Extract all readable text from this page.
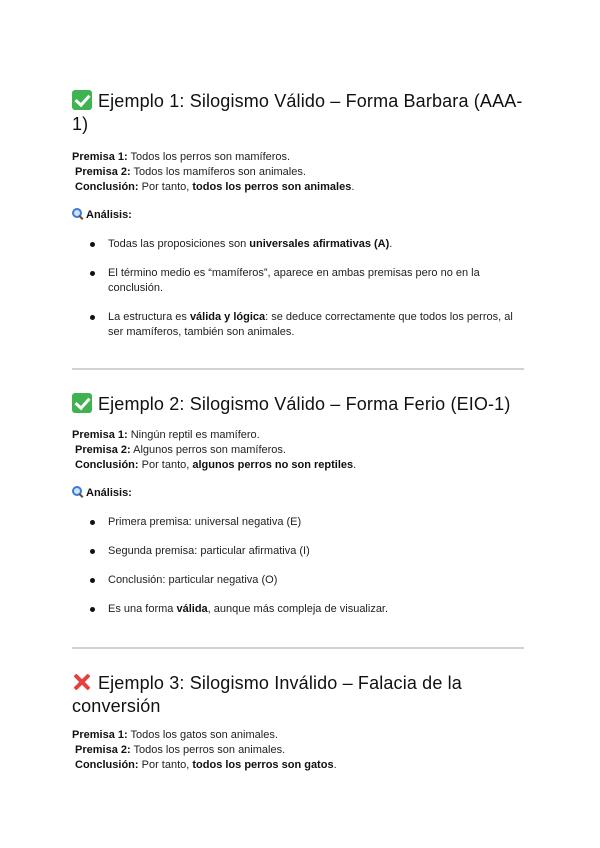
Ejemplo 1: Silogismo Válido – Forma Barbara (AAA-1)

Premisa 1: Todos los perros son mamíferos.

Premisa 2: Todos los mamíferos son animales.

Conclusión: Por tanto, todos los perros son animales.

Análisis:

Todas las proposiciones son universales afirmativas (A).
El término medio es “mamíferos”, aparece en ambas premisas pero no en la conclusión.
La estructura es válida y lógica: se deduce correctamente que todos los perros, al ser mamíferos, también son animales.
Ejemplo 2: Silogismo Válido – Forma Ferio (EIO-1)

Premisa 1: Ningún reptil es mamífero.

Premisa 2: Algunos perros son mamíferos.

Conclusión: Por tanto, algunos perros no son reptiles.

Análisis:

Primera premisa: universal negativa (E)
Segunda premisa: particular afirmativa (I)
Conclusión: particular negativa (O)
Es una forma válida, aunque más compleja de visualizar.
Ejemplo 3: Silogismo Inválido – Falacia de la conversión

Premisa 1: Todos los gatos son animales.

Premisa 2: Todos los perros son animales.

Conclusión: Por tanto, todos los perros son gatos.
